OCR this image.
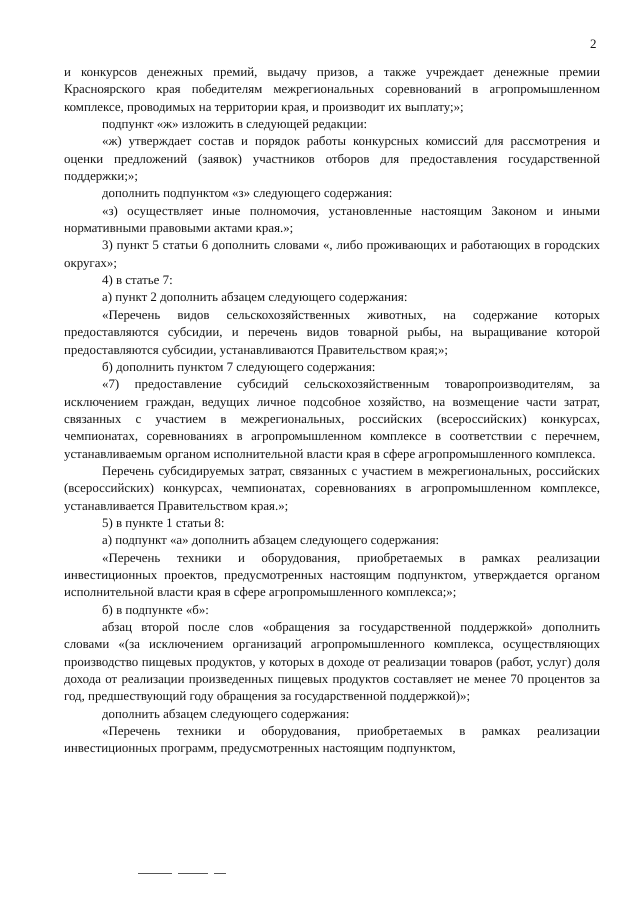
2

и конкурсов денежных премий, выдачу призов, а также учреждает денежные премии Красноярского края победителям межрегиональных соревнований в агропромышленном комплексе, проводимых на территории края, и производит их выплату;»;

подпункт «ж» изложить в следующей редакции:

«ж) утверждает состав и порядок работы конкурсных комиссий для рассмотрения и оценки предложений (заявок) участников отборов для предоставления государственной поддержки;»;

дополнить подпунктом «з» следующего содержания:

«з) осуществляет иные полномочия, установленные настоящим Законом и иными нормативными правовыми актами края.»;

3) пункт 5 статьи 6 дополнить словами «, либо проживающих и работающих в городских округах»;

4) в статье 7:

а) пункт 2 дополнить абзацем следующего содержания:

«Перечень видов сельскохозяйственных животных, на содержание которых предоставляются субсидии, и перечень видов товарной рыбы, на выращивание которой предоставляются субсидии, устанавливаются Правительством края;»;

б) дополнить пунктом 7 следующего содержания:

«7) предоставление субсидий сельскохозяйственным товаропроизводителям, за исключением граждан, ведущих личное подсобное хозяйство, на возмещение части затрат, связанных с участием в межрегиональных, российских (всероссийских) конкурсах, чемпионатах, соревнованиях в агропромышленном комплексе в соответствии с перечнем, устанавливаемым органом исполнительной власти края в сфере агропромышленного комплекса.

Перечень субсидируемых затрат, связанных с участием в межрегиональных, российских (всероссийских) конкурсах, чемпионатах, соревнованиях в агропромышленном комплексе, устанавливается Правительством края.»;

5) в пункте 1 статьи 8:

а) подпункт «а» дополнить абзацем следующего содержания:

«Перечень техники и оборудования, приобретаемых в рамках реализации инвестиционных проектов, предусмотренных настоящим подпунктом, утверждается органом исполнительной власти края в сфере агропромышленного комплекса;»;

б) в подпункте «б»:

абзац второй после слов «обращения за государственной поддержкой» дополнить словами «(за исключением организаций агропромышленного комплекса, осуществляющих производство пищевых продуктов, у которых в доходе от реализации товаров (работ, услуг) доля дохода от реализации произведенных пищевых продуктов составляет не менее 70 процентов за год, предшествующий году обращения за государственной поддержкой)»;

дополнить абзацем следующего содержания:

«Перечень техники и оборудования, приобретаемых в рамках реализации инвестиционных программ, предусмотренных настоящим подпунктом,
